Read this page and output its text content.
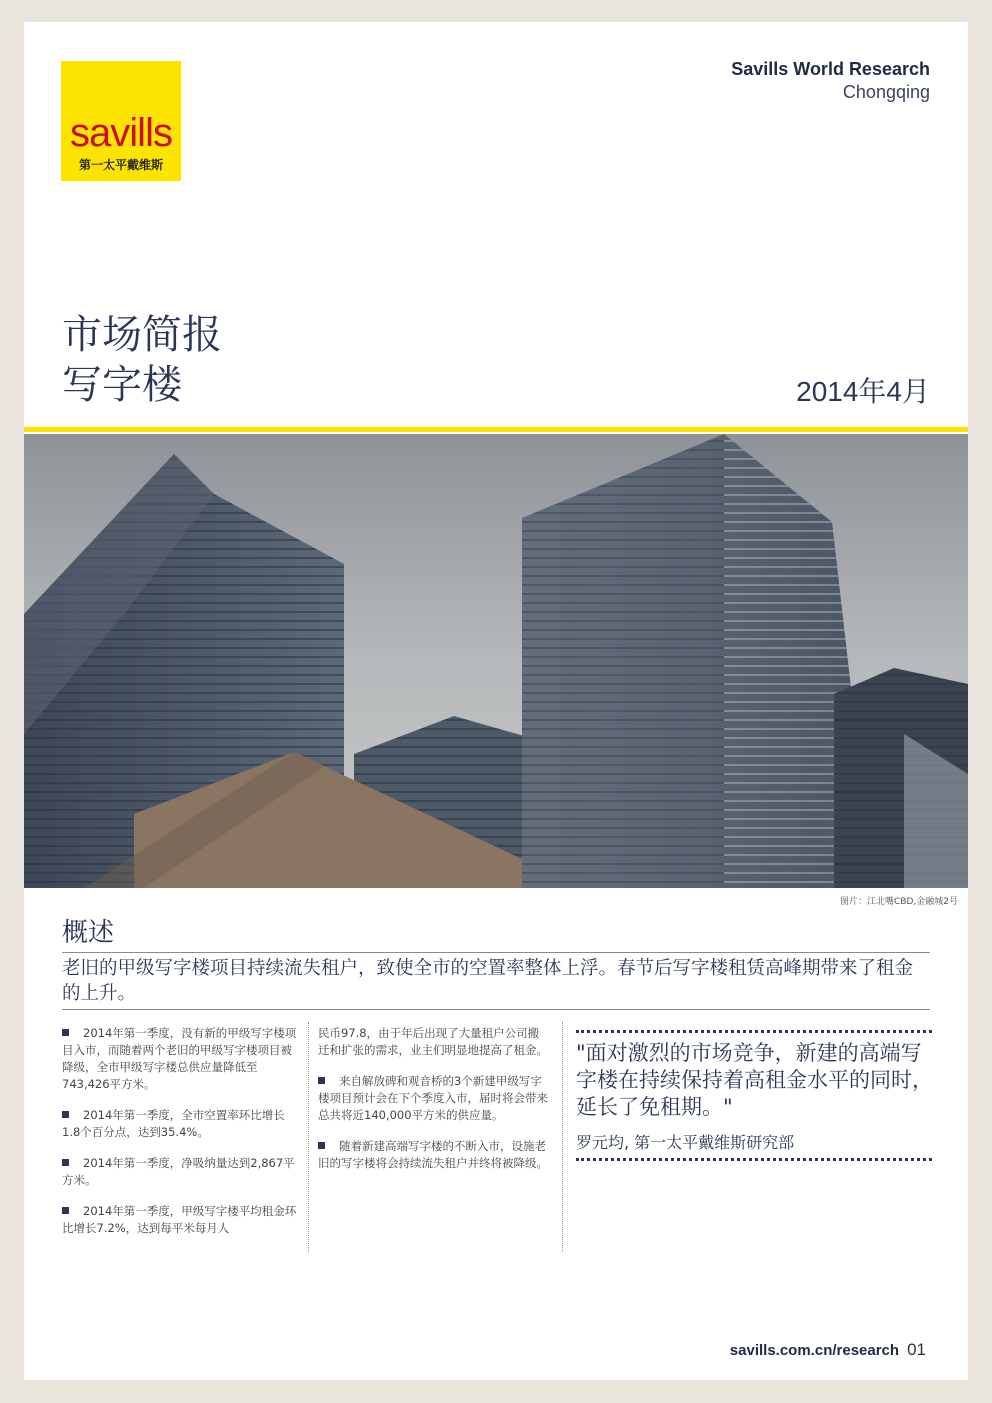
savills
第一太平戴维斯
Savills World Research
Chongqing
市场简报
写字楼	2014年4月
图片：江北嘴CBD,金融城2号
概述
老旧的甲级写字楼项目持续流失租户，致使全市的空置率整体上浮。春节后写字楼租赁高峰期带来了租金的上升。
2014年第一季度，没有新的甲级写字楼项目入市，而随着两个老旧的甲级写字楼项目被降级，全市甲级写字楼总供应量降低至743,426平方米。
2014年第一季度，全市空置率环比增长1.8个百分点，达到35.4%。
2014年第一季度，净吸纳量达到2,867平方米。
2014年第一季度，甲级写字楼平均租金环比增长7.2%，达到每平米每月人
民币97.8，由于年后出现了大量租户公司搬迁和扩张的需求，业主们明显地提高了租金。
来自解放碑和观音桥的3个新建甲级写字楼项目预计会在下个季度入市，届时将会带来总共将近140,000平方米的供应量。
随着新建高端写字楼的不断入市，设施老旧的写字楼将会持续流失租户并终将被降级。
"面对激烈的市场竞争，新建的高端写字楼在持续保持着高租金水平的同时，延长了免租期。"
罗元均, 第一太平戴维斯研究部
savills.com.cn/research 01
